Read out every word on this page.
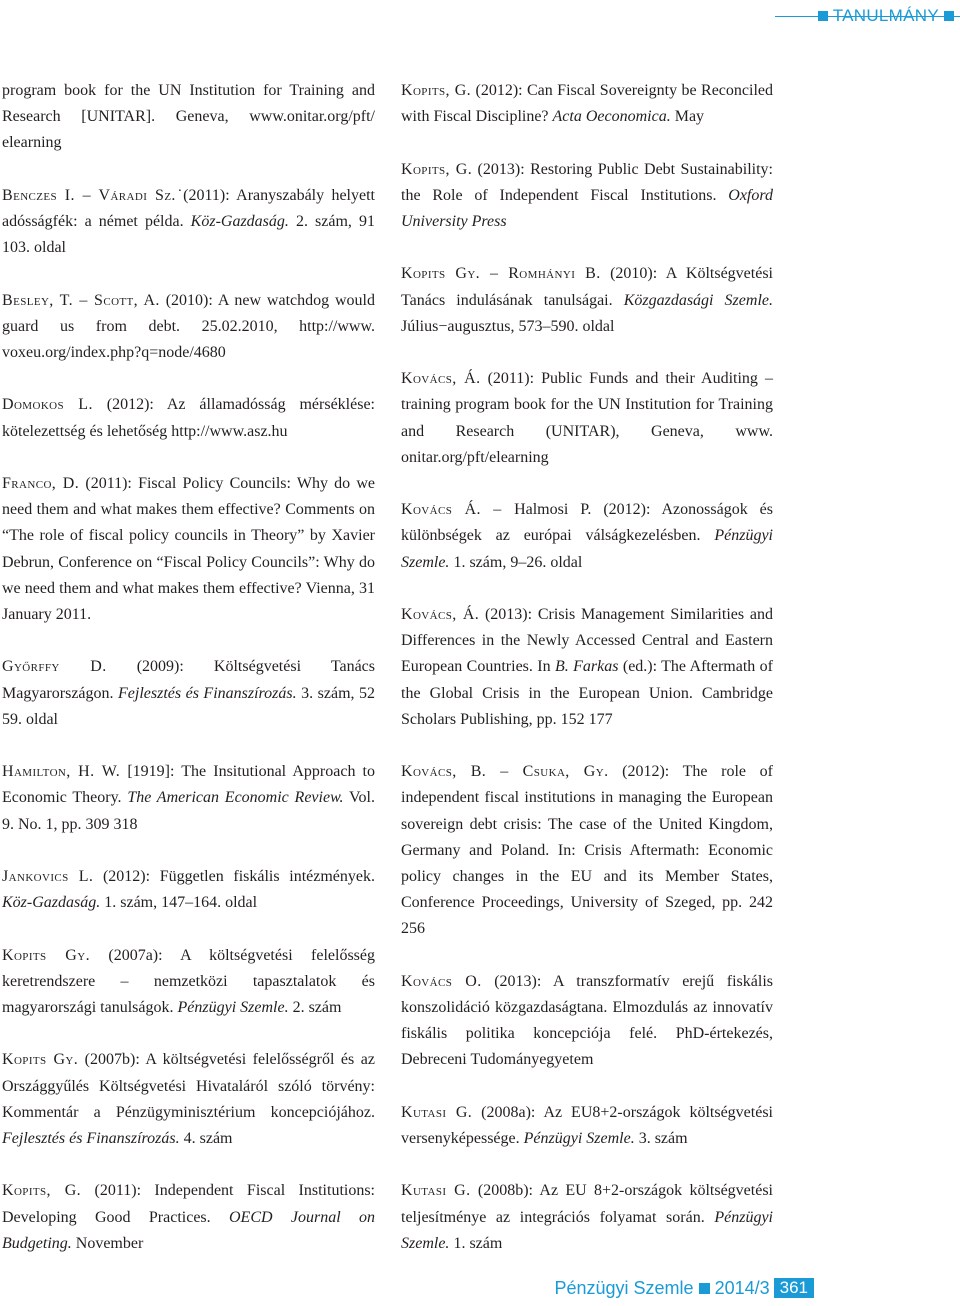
TANULMÁNY

program book for the UN Institution for Training and Research [UNITAR]. Geneva, www.onitar.org/pft/ elearning

Benczes I. – Váradi Sz. ̇(2011): Aranyszabály helyett adósságfék: a német példa. Köz-Gazdaság. 2. szám, 91 103. oldal

Besley, T. – Scott, A. (2010): A new watchdog would guard us from debt. 25.02.2010, http://www. voxeu.org/index.php?q=node/4680

Domokos L. (2012): Az államadósság mérséklése: kötelezettség és lehetőség http://www.asz.hu

Franco, D. (2011): Fiscal Policy Councils: Why do we need them and what makes them effective? Comments on “The role of fiscal policy councils in Theory” by Xavier Debrun, Conference on “Fiscal Policy Councils”: Why do we need them and what makes them effective? Vienna, 31 January 2011.

Győrffy D. (2009): Költségvetési Tanács Magyarországon. Fejlesztés és Finanszírozás. 3. szám, 52 59. oldal

Hamilton, H. W. [1919]: The Insitutional Approach to Economic Theory. The American Economic Review. Vol. 9. No. 1, pp. 309 318

Jankovics L. (2012): Független fiskális intézmények. Köz-Gazdaság. 1. szám, 147–164. oldal

Kopits Gy. (2007a): A költségvetési felelősség keretrendszere – nemzetközi tapasztalatok és magyarországi tanulságok. Pénzügyi Szemle. 2. szám

Kopits Gy. (2007b): A költségvetési felelősségről és az Országgyűlés Költségvetési Hivataláról szóló törvény: Kommentár a Pénzügyminisztérium koncepciójához. Fejlesztés és Finanszírozás. 4. szám

Kopits, G. (2011): Independent Fiscal Institutions: Developing Good Practices. OECD Journal on Budgeting. November

Kopits, G. (2012): Can Fiscal Sovereignty be Reconciled with Fiscal Discipline? Acta Oeconomica. May

Kopits, G. (2013): Restoring Public Debt Sustainability: the Role of Independent Fiscal Institutions. Oxford University Press

Kopits Gy. – Romhányi B. (2010): A Költségvetési Tanács indulásának tanulságai. Közgazdasági Szemle. Július−augusztus, 573–590. oldal

Kovács, Á. (2011): Public Funds and their Auditing – training program book for the UN Institution for Training and Research (UNITAR), Geneva, www. onitar.org/pft/elearning

Kovács Á. – Halmosi P. (2012): Azonosságok és különbségek az európai válságkezelésben. Pénzügyi Szemle. 1. szám, 9–26. oldal

Kovács, Á. (2013): Crisis Management Similarities and Differences in the Newly Accessed Central and Eastern European Countries. In B. Farkas (ed.): The Aftermath of the Global Crisis in the European Union. Cambridge Scholars Publishing, pp. 152 177

Kovács, B. – Csuka, Gy. (2012): The role of independent fiscal institutions in managing the European sovereign debt crisis: The case of the United Kingdom, Germany and Poland. In: Crisis Aftermath: Economic policy changes in the EU and its Member States, Conference Proceedings, University of Szeged, pp. 242 256

Kovács O. (2013): A transzformatív erejű fiskális konszolidáció közgazdaságtana. Elmozdulás az innovatív fiskális politika koncepciója felé. PhD-értekezés, Debreceni Tudományegyetem

Kutasi G. (2008a): Az EU8+2-országok költségvetési versenyképessége. Pénzügyi Szemle. 3. szám

Kutasi G. (2008b): Az EU 8+2-országok költségvetési teljesítménye az integrációs folyamat során. Pénzügyi Szemle. 1. szám

Pénzügyi Szemle 2014/3 361
